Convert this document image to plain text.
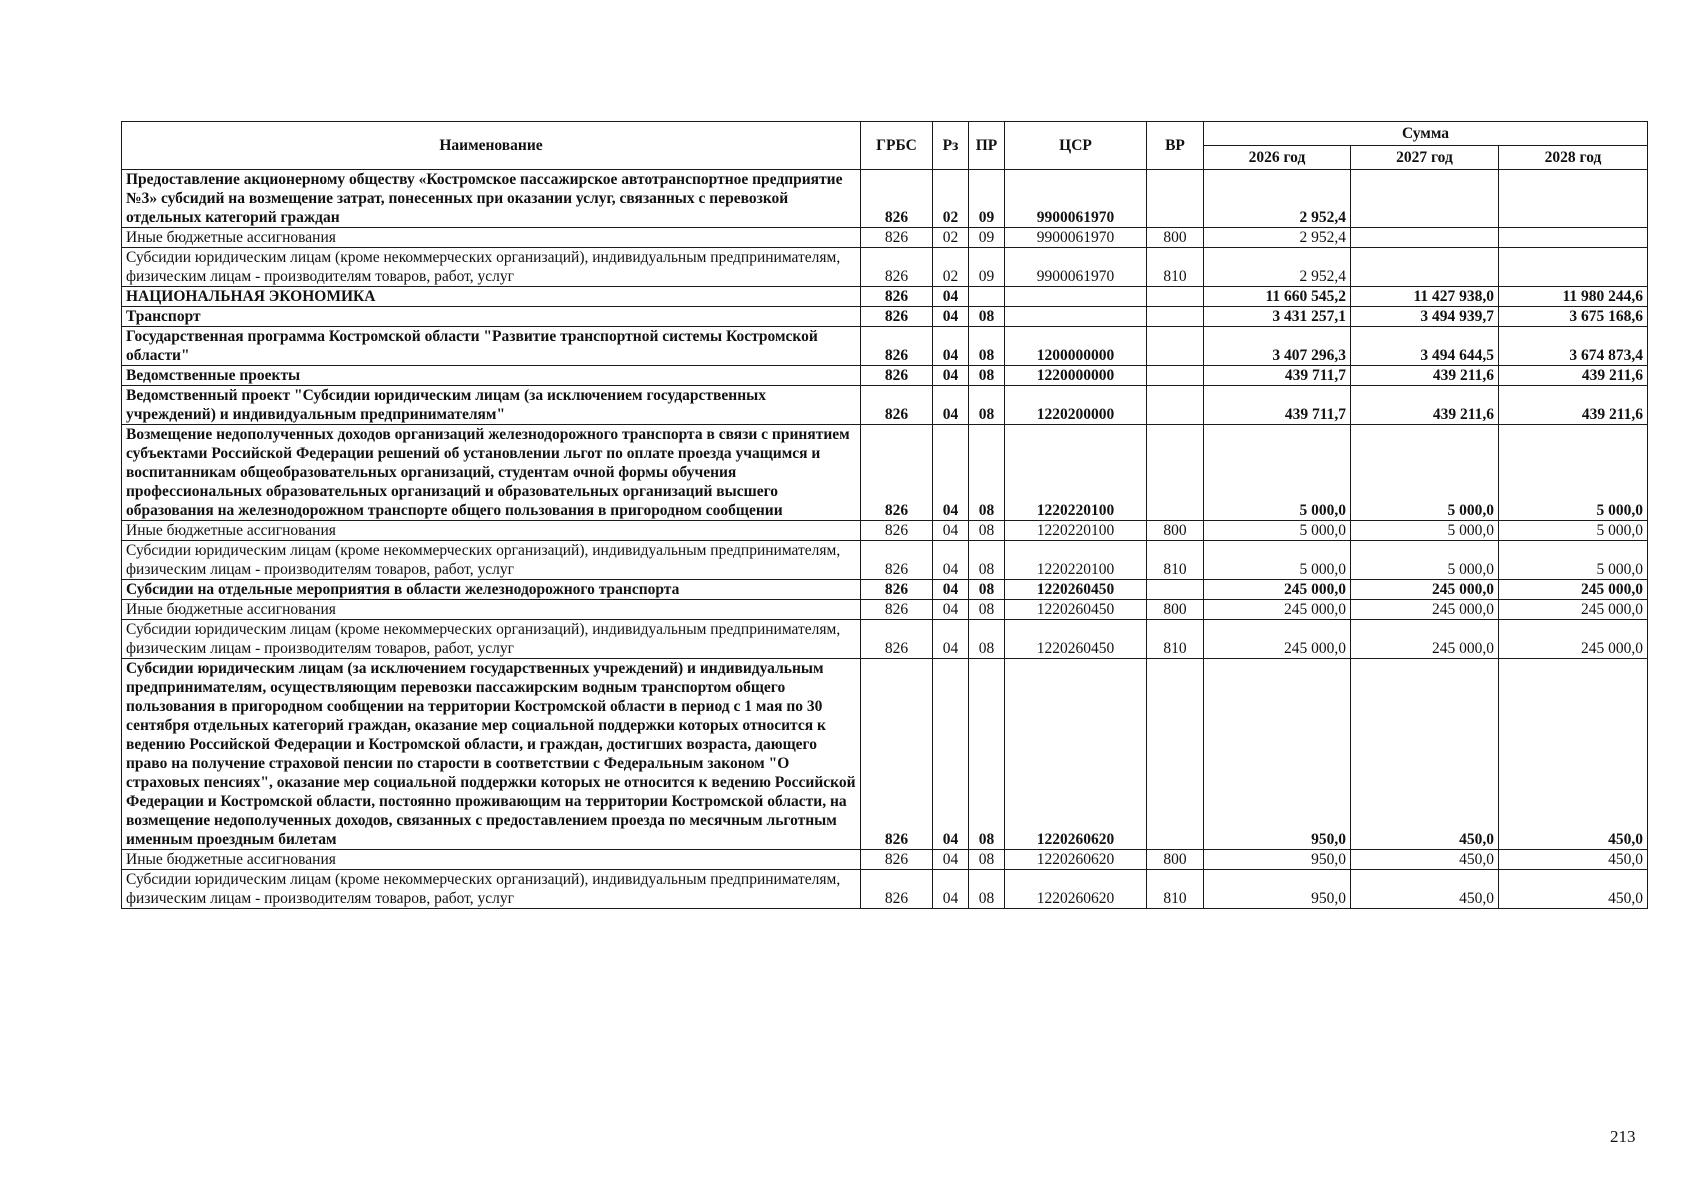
Наименование	ГРБС	Рз	ПР	ЦСР	ВР	Сумма		
						2026 год	2027 год	2028 год
Предоставление акционерному обществу «Костромское пассажирское автотранспортное предприятие №3» субсидий на возмещение затрат, понесенных при оказании услуг, связанных с перевозкой отдельных категорий граждан	826	02	09	9900061970		2 952,4		
Иные бюджетные ассигнования	826	02	09	9900061970	800	2 952,4		
Субсидии юридическим лицам (кроме некоммерческих организаций), индивидуальным предпринимателям, физическим лицам - производителям товаров, работ, услуг	826	02	09	9900061970	810	2 952,4		
НАЦИОНАЛЬНАЯ ЭКОНОМИКА	826	04				11 660 545,2	11 427 938,0	11 980 244,6
Транспорт	826	04	08			3 431 257,1	3 494 939,7	3 675 168,6
Государственная программа Костромской области "Развитие транспортной системы Костромской области"	826	04	08	1200000000		3 407 296,3	3 494 644,5	3 674 873,4
Ведомственные проекты	826	04	08	1220000000		439 711,7	439 211,6	439 211,6
Ведомственный проект "Субсидии юридическим лицам (за исключением государственных учреждений) и индивидуальным предпринимателям"	826	04	08	1220200000		439 711,7	439 211,6	439 211,6
Возмещение недополученных доходов организаций железнодорожного транспорта в связи с принятием субъектами Российской Федерации решений об установлении льгот по оплате проезда учащимся и воспитанникам общеобразовательных организаций, студентам очной формы обучения профессиональных образовательных организаций и образовательных организаций высшего образования на железнодорожном транспорте общего пользования в пригородном сообщении	826	04	08	1220220100		5 000,0	5 000,0	5 000,0
Иные бюджетные ассигнования	826	04	08	1220220100	800	5 000,0	5 000,0	5 000,0
Субсидии юридическим лицам (кроме некоммерческих организаций), индивидуальным предпринимателям, физическим лицам - производителям товаров, работ, услуг	826	04	08	1220220100	810	5 000,0	5 000,0	5 000,0
Субсидии на отдельные мероприятия в области железнодорожного транспорта	826	04	08	1220260450		245 000,0	245 000,0	245 000,0
Иные бюджетные ассигнования	826	04	08	1220260450	800	245 000,0	245 000,0	245 000,0
Субсидии юридическим лицам (кроме некоммерческих организаций), индивидуальным предпринимателям, физическим лицам - производителям товаров, работ, услуг	826	04	08	1220260450	810	245 000,0	245 000,0	245 000,0
Субсидии юридическим лицам (за исключением государственных учреждений) и индивидуальным предпринимателям, осуществляющим перевозки пассажирским водным транспортом общего пользования в пригородном сообщении на территории Костромской области в период с 1 мая по 30 сентября отдельных категорий граждан, оказание мер социальной поддержки которых относится к ведению Российской Федерации и Костромской области, и граждан, достигших возраста, дающего право на получение страховой пенсии по старости в соответствии с Федеральным законом "О страховых пенсиях", оказание мер социальной поддержки которых не относится к ведению Российской Федерации и Костромской области, постоянно проживающим на территории Костромской области, на возмещение недополученных доходов, связанных с предоставлением проезда по месячным льготным именным проездным билетам	826	04	08	1220260620		950,0	450,0	450,0
Иные бюджетные ассигнования	826	04	08	1220260620	800	950,0	450,0	450,0
Субсидии юридическим лицам (кроме некоммерческих организаций), индивидуальным предпринимателям, физическим лицам - производителям товаров, работ, услуг	826	04	08	1220260620	810	950,0	450,0	450,0
213
